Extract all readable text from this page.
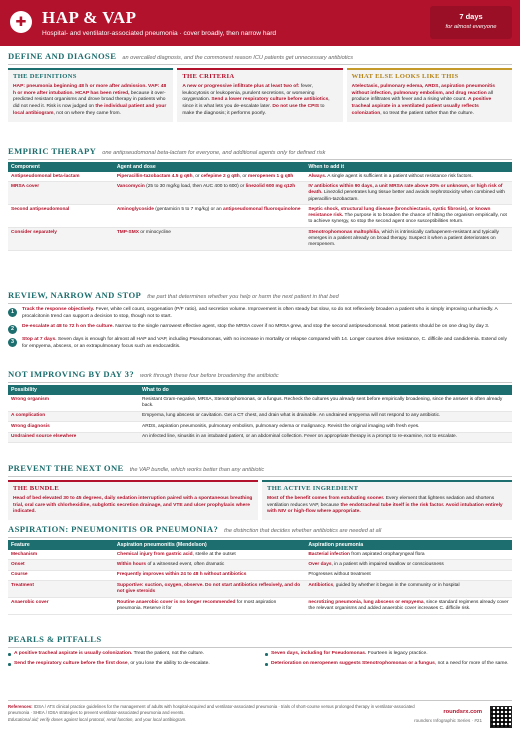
✚ HAP & VAP
Hospital- and ventilator-associated pneumonia · cover broadly, then narrow hard
7 days
for almost everyone
DEFINE AND DIAGNOSE an overcalled diagnosis, and the commonest reason ICU patients get unnecessary antibiotics
THE DEFINITIONS

HAP: pneumonia beginning 48 h or more after admission. VAP: 48 h or more after intubation. HCAP has been retired, because it over-predicted resistant organisms and drove broad therapy in patients who did not need it. Risk is now judged on the individual patient and your local antibiogram, not on where they came from.

THE CRITERIA

A new or progressive infiltrate plus at least two of: fever, leukocytosis or leukopenia, purulent secretions, or worsening oxygenation. Send a lower respiratory culture before antibiotics, since it is what lets you de-escalate later. Do not use the CPIS to make the diagnosis; it performs poorly.

WHAT ELSE LOOKS LIKE THIS

Atelectasis, pulmonary edema, ARDS, aspiration pneumonitis without infection, pulmonary embolism, and drug reaction all produce infiltrates with fever and a rising white count. A positive tracheal aspirate in a ventilated patient usually reflects colonization, so treat the patient rather than the culture.

EMPIRIC THERAPY one antipseudomonal beta-lactam for everyone, and additional agents only for defined risk
Component	Agent and dose	When to add it
Antipseudomonal beta-lactam	Piperacillin-tazobactam 4.5 g q6h, or cefepime 2 g q8h, or meropenem 1 g q8h	Always. A single agent is sufficient in a patient without resistance risk factors.
MRSA cover	Vancomycin (25 to 30 mg/kg load, then AUC 400 to 600) or linezolid 600 mg q12h	IV antibiotics within 90 days, a unit MRSA rate above 20% or unknown, or high risk of death. Linezolid penetrates lung tissue better and avoids nephrotoxicity when combined with piperacillin-tazobactam.
Second antipseudomonal	Aminoglycoside (gentamicin 5 to 7 mg/kg) or an antipseudomonal fluoroquinolone	Septic shock, structural lung disease (bronchiectasis, cystic fibrosis), or known resistance risk. The purpose is to broaden the chance of hitting the organism empirically, not to achieve synergy, so stop the second agent once susceptibilities return.
Consider separately	TMP-SMX or minocycline	Stenotrophomonas maltophilia, which is intrinsically carbapenem-resistant and typically emerges in a patient already on broad therapy. Suspect it when a patient deteriorates on meropenem.
REVIEW, NARROW AND STOP the part that determines whether you help or harm the next patient in that bed
1	Track the response objectively. Fever, white cell count, oxygenation (P/F ratio), and secretion volume. Improvement is often steady but slow, so do not reflexively broaden a patient who is simply improving unhurriedly. A procalcitonin trend can support a decision to stop, though not to start.

2	De-escalate at 48 to 72 h on the culture. Narrow to the single narrowest effective agent, stop the MRSA cover if no MRSA grew, and stop the second antipseudomonal. Most patients should be on one drug by day 3.

3	Stop at 7 days. Seven days is enough for almost all HAP and VAP, including Pseudomonas, with no increase in mortality or relapse compared with 14. Longer courses drive resistance, C. difficile and candidemia. Extend only for empyema, abscess, or an extrapulmonary focus such as endocarditis.

NOT IMPROVING BY DAY 3? work through these four before broadening the antibiotic
Possibility	What to do
Wrong organism	Resistant Gram-negative, MRSA, Stenotrophomonas, or a fungus. Recheck the cultures you already sent before empirically broadening, since the answer is often already back.
A complication	Empyema, lung abscess or cavitation. Get a CT chest, and drain what is drainable. An undrained empyema will not respond to any antibiotic.
Wrong diagnosis	ARDS, aspiration pneumonitis, pulmonary embolism, pulmonary edema or malignancy. Revisit the original imaging with fresh eyes.
Undrained source elsewhere	An infected line, sinusitis in an intubated patient, or an abdominal collection. Fever on appropriate therapy is a prompt to re-examine, not to escalate.
PREVENT THE NEXT ONE the VAP bundle, which works better than any antibiotic
THE BUNDLE

Head of bed elevated 30 to 45 degrees, daily sedation interruption paired with a spontaneous breathing trial, oral care with chlorhexidine, subglottic secretion drainage, and VTE and ulcer prophylaxis where indicated.

THE ACTIVE INGREDIENT

Most of the benefit comes from extubating sooner. Every element that lightens sedation and shortens ventilation reduces VAP, because the endotracheal tube itself is the risk factor. Avoid intubation entirely with NIV or high-flow where appropriate.

ASPIRATION: PNEUMONITIS OR PNEUMONIA? the distinction that decides whether antibiotics are needed at all
Feature	Aspiration pneumonitis (Mendelson)	Aspiration pneumonia
Mechanism	Chemical injury from gastric acid, sterile at the outset	Bacterial infection from aspirated oropharyngeal flora
Onset	Within hours of a witnessed event, often dramatic	Over days, in a patient with impaired swallow or consciousness
Course	Frequently improves within 24 to 48 h without antibiotics	Progresses without treatment
Treatment	Supportive: suction, oxygen, observe. Do not start antibiotics reflexively, and do not give steroids	Antibiotics, guided by whether it began in the community or in hospital
Anaerobic cover	Routine anaerobic cover is no longer recommended for most aspiration pneumonia. Reserve it for	necrotizing pneumonia, lung abscess or empyema, since standard regimens already cover the relevant organisms and added anaerobic cover increases C. difficile risk.
PEARLS & PITFALLS
A positive tracheal aspirate is usually colonization. Treat the patient, not the culture.
Send the respiratory culture before the first dose, or you lose the ability to de-escalate.
Seven days, including for Pseudomonas. Fourteen is legacy practice.
Deterioration on meropenem suggests Stenotrophomonas or a fungus, not a need for more of the same.
References: IDSA / ATS clinical practice guidelines for the management of adults with hospital-acquired and ventilator-associated pneumonia · trials of short-course versus prolonged therapy in ventilator-associated pneumonia · SHEA / IDSA strategies to prevent ventilator-associated pneumonia and events.
Educational aid; verify doses against local protocol, renal function, and your local antibiogram.
roundsrx.com
roundsrx Infographic Series · #21
